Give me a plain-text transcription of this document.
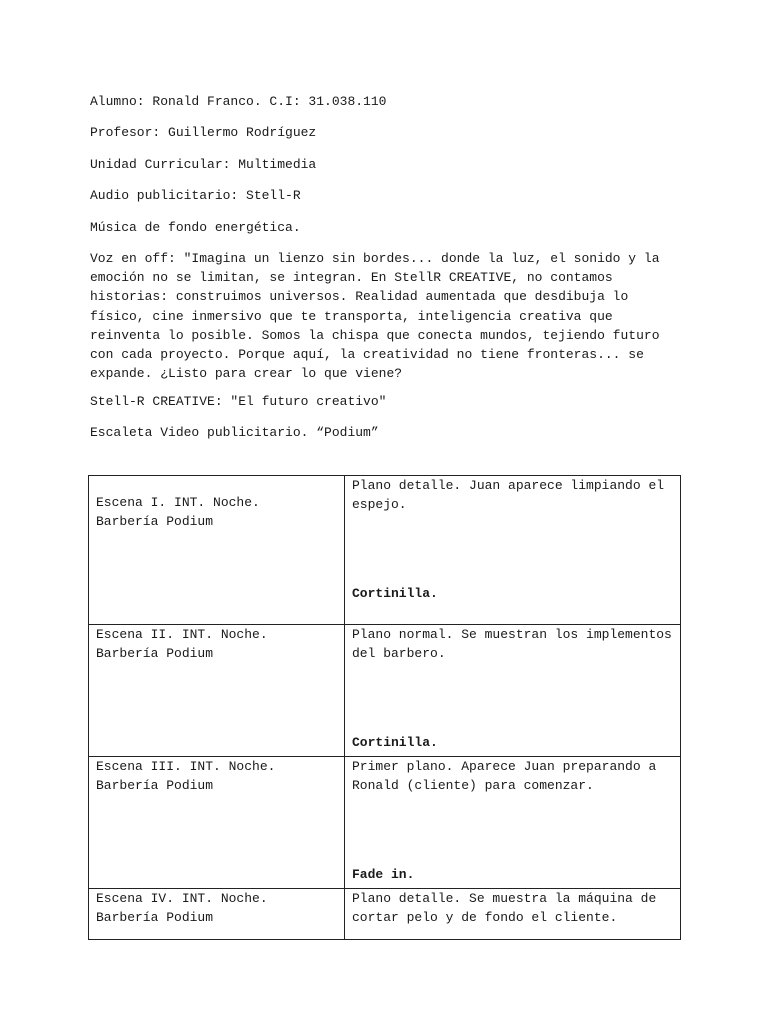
Alumno: Ronald Franco. C.I: 31.038.110

Profesor: Guillermo Rodríguez

Unidad Curricular: Multimedia

Audio publicitario: Stell-R

Música de fondo energética.

Voz en off: "Imagina un lienzo sin bordes... donde la luz, el sonido y la emoción no se limitan, se integran. En StellR CREATIVE, no contamos historias: construimos universos. Realidad aumentada que desdibuja lo físico, cine inmersivo que te transporta, inteligencia creativa que reinventa lo posible. Somos la chispa que conecta mundos, tejiendo futuro con cada proyecto. Porque aquí, la creatividad no tiene fronteras... se expande. ¿Listo para crear lo que viene?

Stell-R CREATIVE: "El futuro creativo"

Escaleta Video publicitario. “Podium”

Escena I. INT. Noche.
Barbería Podium	Plano detalle. Juan aparece limpiando el espejo.
Cortinilla.

Escena II. INT. Noche.
Barbería Podium	Plano normal. Se muestran los implementos del barbero.
Cortinilla.

Escena III. INT. Noche.
Barbería Podium	Primer plano. Aparece Juan preparando a Ronald (cliente) para comenzar.
Fade in.

Escena IV. INT. Noche.
Barbería Podium	Plano detalle. Se muestra la máquina de cortar pelo y de fondo el cliente.
